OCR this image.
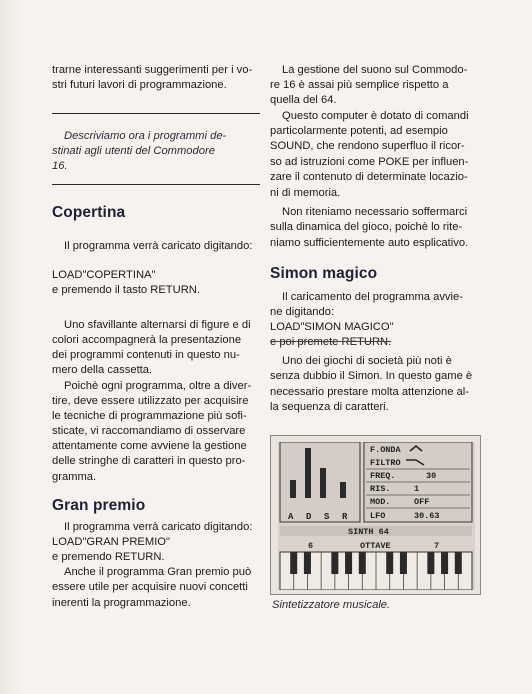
trarne interessanti suggerimenti per i vo-

stri futuri lavori di programmazione.

Descriviamo ora i programmi de-

stinati agli utenti del Commodore

16.

Copertina

Il programma verrà caricato digitando:

LOAD"COPERTINA"

e premendo il tasto RETURN.

Uno sfavillante alternarsi di figure e di

colori accompagnerà la presentazione

dei programmi contenuti in questo nu-

mero della cassetta.

Poichè ogni programma, oltre a diver-

tire, deve essere utilizzato per acquisire

le tecniche di programmazione più sofi-

sticate, vi raccomandiamo di osservare

attentamente come avviene la gestione

delle stringhe di caratteri in questo pro-

gramma.

Gran premio

Il programma verrà caricato digitando:

LOAD"GRAN PREMIO"

e premendo RETURN.

Anche il programma Gran premio può

essere utile per acquisire nuovi concetti

inerenti la programmazione.

La gestione del suono sul Commodo-

re 16 è assai più semplice rispetto a

quella del 64.

Questo computer è dotato di comandi

particolarmente potenti, ad esempio

SOUND, che rendono superfluo il ricor-

so ad istruzioni come POKE per influen-

zare il contenuto di determinate locazio-

ni di memoria.

Non riteniamo necessario soffermarci

sulla dinamica del gioco, poichè lo rite-

niamo sufficientemente auto esplicativo.

Simon magico

Il caricamento del programma avvie-

ne digitando:

LOAD"SIMON MAGICO"

e poi premete RETURN.

Uno dei giochi di società più noti è

senza dubbio il Simon. In questo game è

necessario prestare molta attenzione al-

la sequenza di caratteri.

A D S R
F.ONDA
FILTRO
FREQ.	30
RIS.	1
MOD.	OFF
LFO	30.63
SINTH 64
6	OTTAVE	7
Sintetizzatore musicale.
